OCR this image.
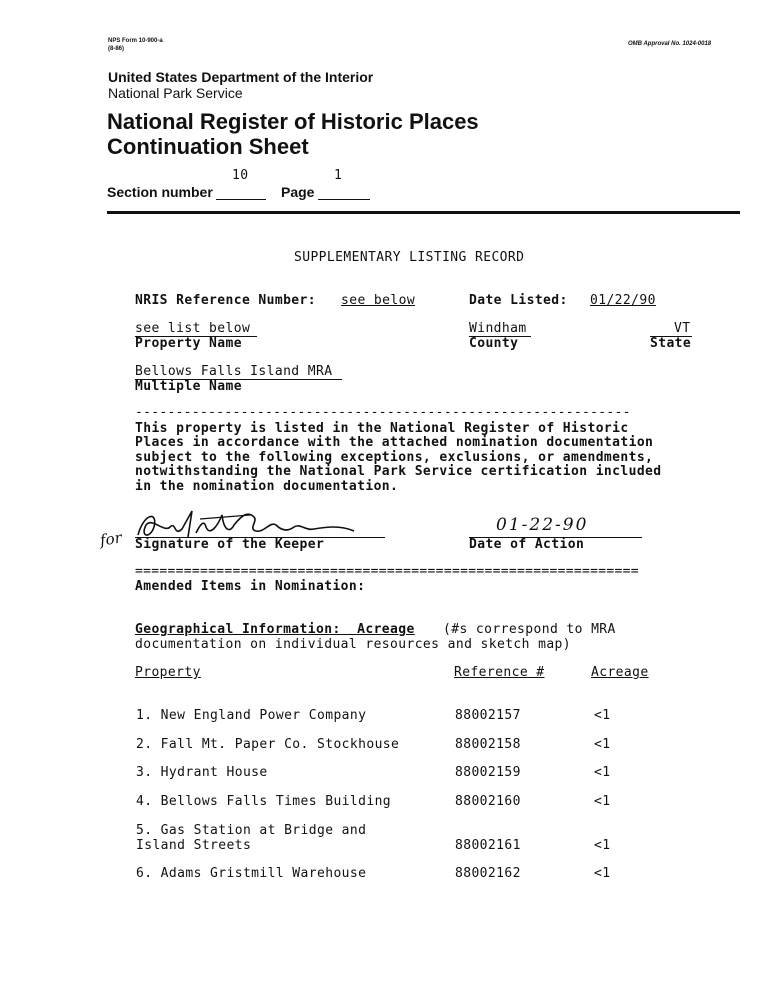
NPS Form 10-900-a
(8-86)
OMB Approval No. 1024-0018
United States Department of the Interior
National Park Service
National Register of Historic Places
Continuation Sheet
10	1
Section number	Page
SUPPLEMENTARY LISTING RECORD
NRIS Reference Number: see below	Date Listed: 01/22/90
see list below
Property Name
Windham
County
VT
State
Bellows Falls Island MRA
Multiple Name
-------------------------------------------------------------
This property is listed in the National Register of Historic
Places in accordance with the attached nomination documentation
subject to the following exceptions, exclusions, or amendments,
notwithstanding the National Park Service certification included
in the nomination documentation.
for Signature of the Keeper
01-22-90
Date of Action
==============================================================
Amended Items in Nomination:
Geographical Information:  Acreage (#s correspond to MRA
documentation on individual resources and sketch map)
Property	Reference #	Acreage
1. New England Power Company	88002157	<1
2. Fall Mt. Paper Co. Stockhouse	88002158	<1
3. Hydrant House	88002159	<1
4. Bellows Falls Times Building	88002160	<1
5. Gas Station at Bridge and
Island Streets	88002161	<1
6. Adams Gristmill Warehouse	88002162	<1
